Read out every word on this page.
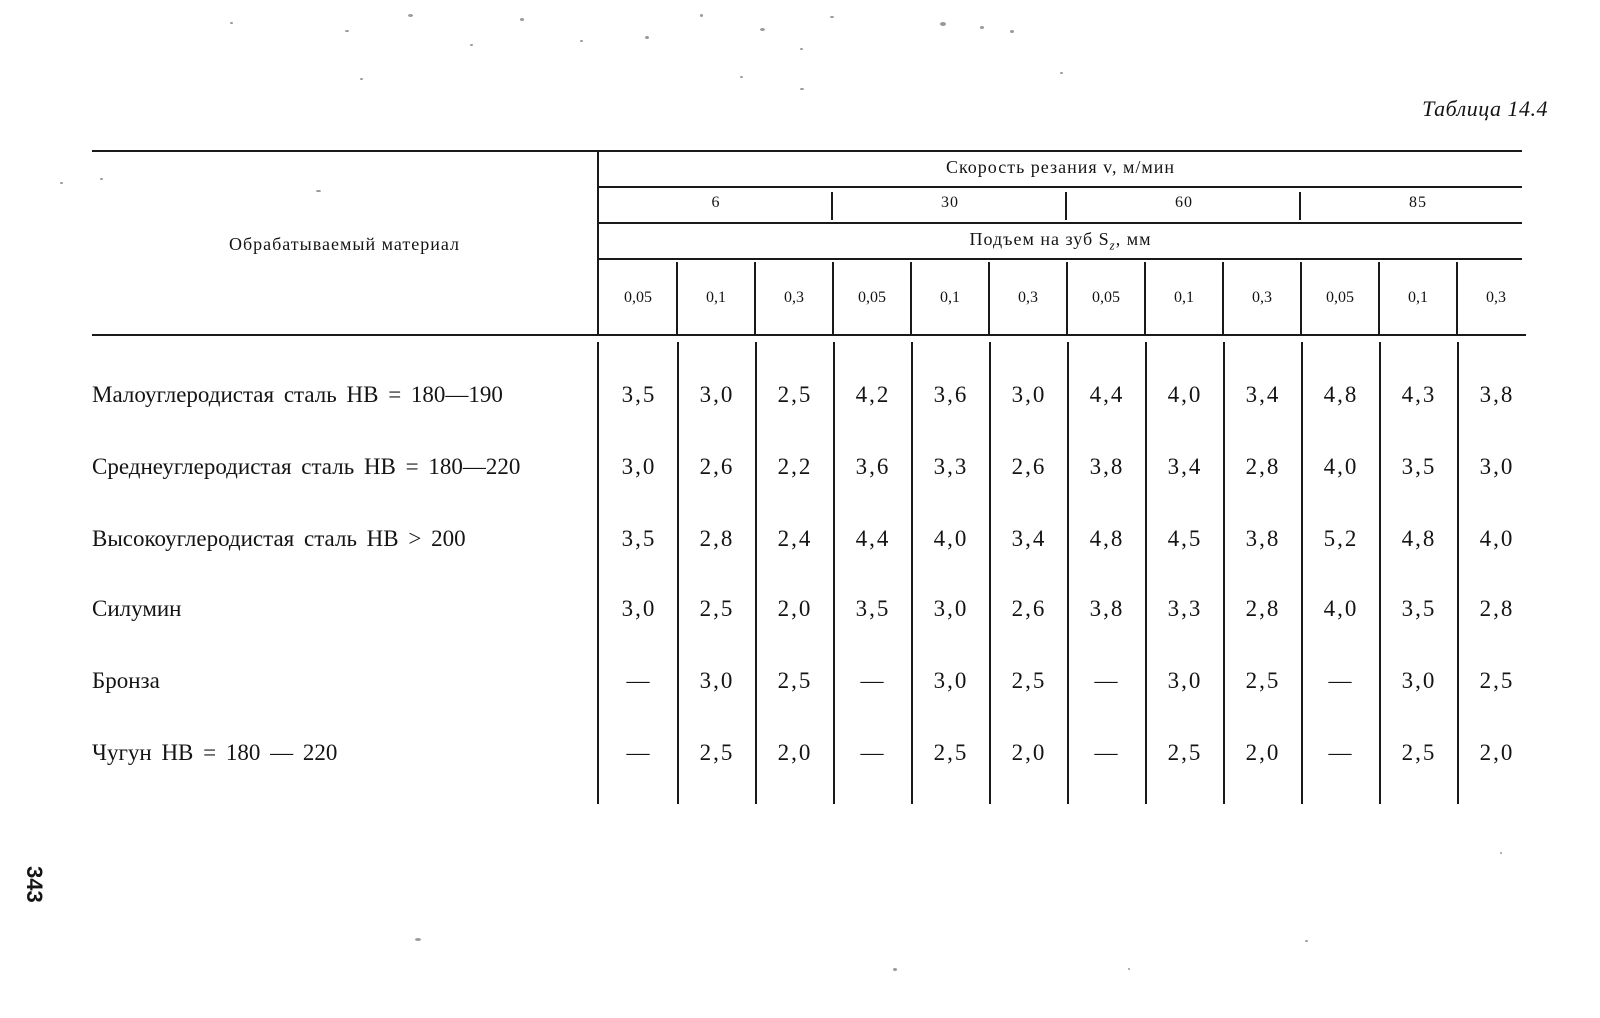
Таблица 14.4
Обрабатываемый материал
Скорость резания v, м/мин
Подъем на зуб $S_z$, мм
6	30	60	85
0,05	0,1	0,3	0,05	0,1	0,3	0,05	0,1	0,3	0,05	0,1	0,3
Малоуглеродистая сталь НВ = 180—190	3,5	3,0	2,5	4,2	3,6	3,0	4,4	4,0	3,4	4,8	4,3	3,8
Среднеуглеродистая сталь НВ = 180—220	3,0	2,6	2,2	3,6	3,3	2,6	3,8	3,4	2,8	4,0	3,5	3,0
Высокоуглеродистая сталь НВ > 200	3,5	2,8	2,4	4,4	4,0	3,4	4,8	4,5	3,8	5,2	4,8	4,0
Силумин	3,0	2,5	2,0	3,5	3,0	2,6	3,8	3,3	2,8	4,0	3,5	2,8
Бронза	—	3,0	2,5	—	3,0	2,5	—	3,0	2,5	—	3,0	2,5
Чугун НВ = 180 — 220	—	2,5	2,0	—	2,5	2,0	—	2,5	2,0	—	2,5	2,0
343
